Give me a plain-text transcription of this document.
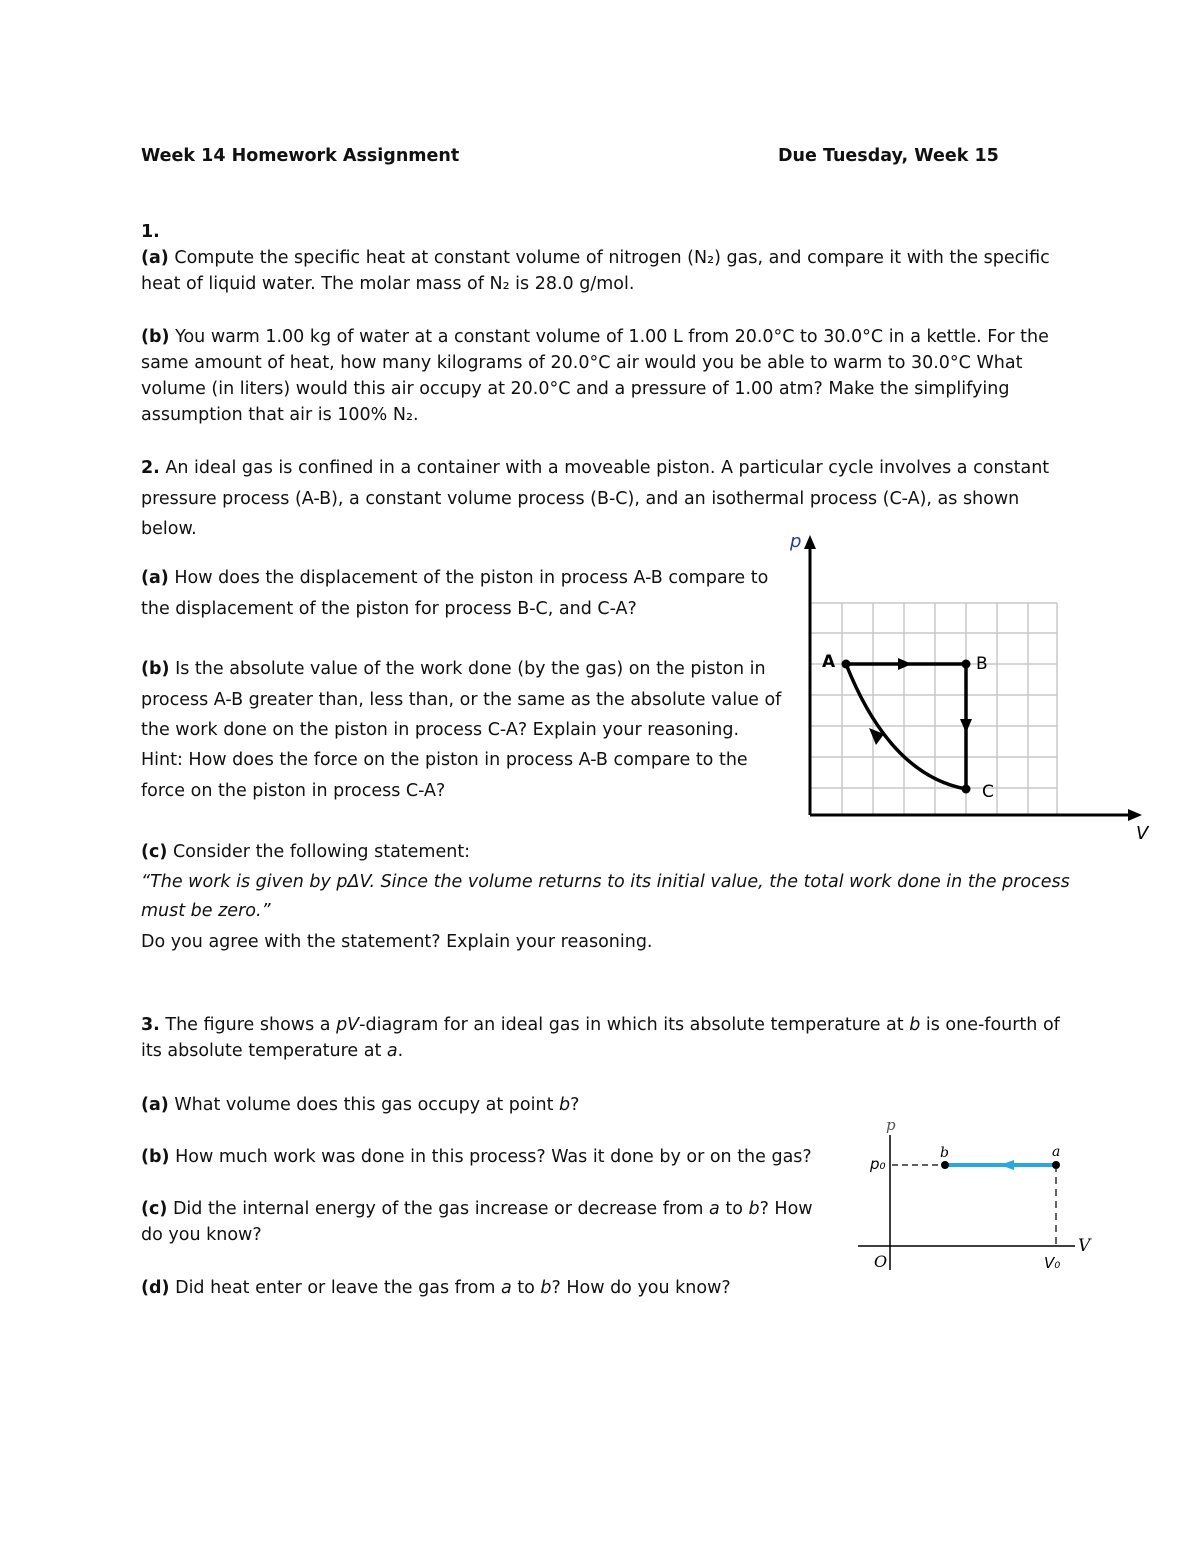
Week 14 Homework Assignment	Due Tuesday, Week 15
1.
(a) Compute the specific heat at constant volume of nitrogen (N₂) gas, and compare it with the specific
heat of liquid water. The molar mass of N₂ is 28.0 g/mol.
(b) You warm 1.00 kg of water at a constant volume of 1.00 L from 20.0°C to 30.0°C in a kettle. For the
same amount of heat, how many kilograms of 20.0°C air would you be able to warm to 30.0°C What
volume (in liters) would this air occupy at 20.0°C and a pressure of 1.00 atm? Make the simplifying
assumption that air is 100% N₂.
2. An ideal gas is confined in a container with a moveable piston. A particular cycle involves a constant
pressure process (A-B), a constant volume process (B-C), and an isothermal process (C-A), as shown
below.
(a) How does the displacement of the piston in process A-B compare to
the displacement of the piston for process B-C, and C-A?
(b) Is the absolute value of the work done (by the gas) on the piston in
process A-B greater than, less than, or the same as the absolute value of
the work done on the piston in process C-A? Explain your reasoning.
Hint: How does the force on the piston in process A-B compare to the
force on the piston in process C-A?
p
V
A	B
C
(c) Consider the following statement:
“The work is given by pΔV. Since the volume returns to its initial value, the total work done in the process
must be zero.”
Do you agree with the statement? Explain your reasoning.
3. The figure shows a pV-diagram for an ideal gas in which its absolute temperature at b is one-fourth of
its absolute temperature at a.
(a) What volume does this gas occupy at point b?
(b) How much work was done in this process? Was it done by or on the gas?
(c) Did the internal energy of the gas increase or decrease from a to b? How
do you know?
(d) Did heat enter or leave the gas from a to b? How do you know?
p
V
p₀
O	V₀
b	a
